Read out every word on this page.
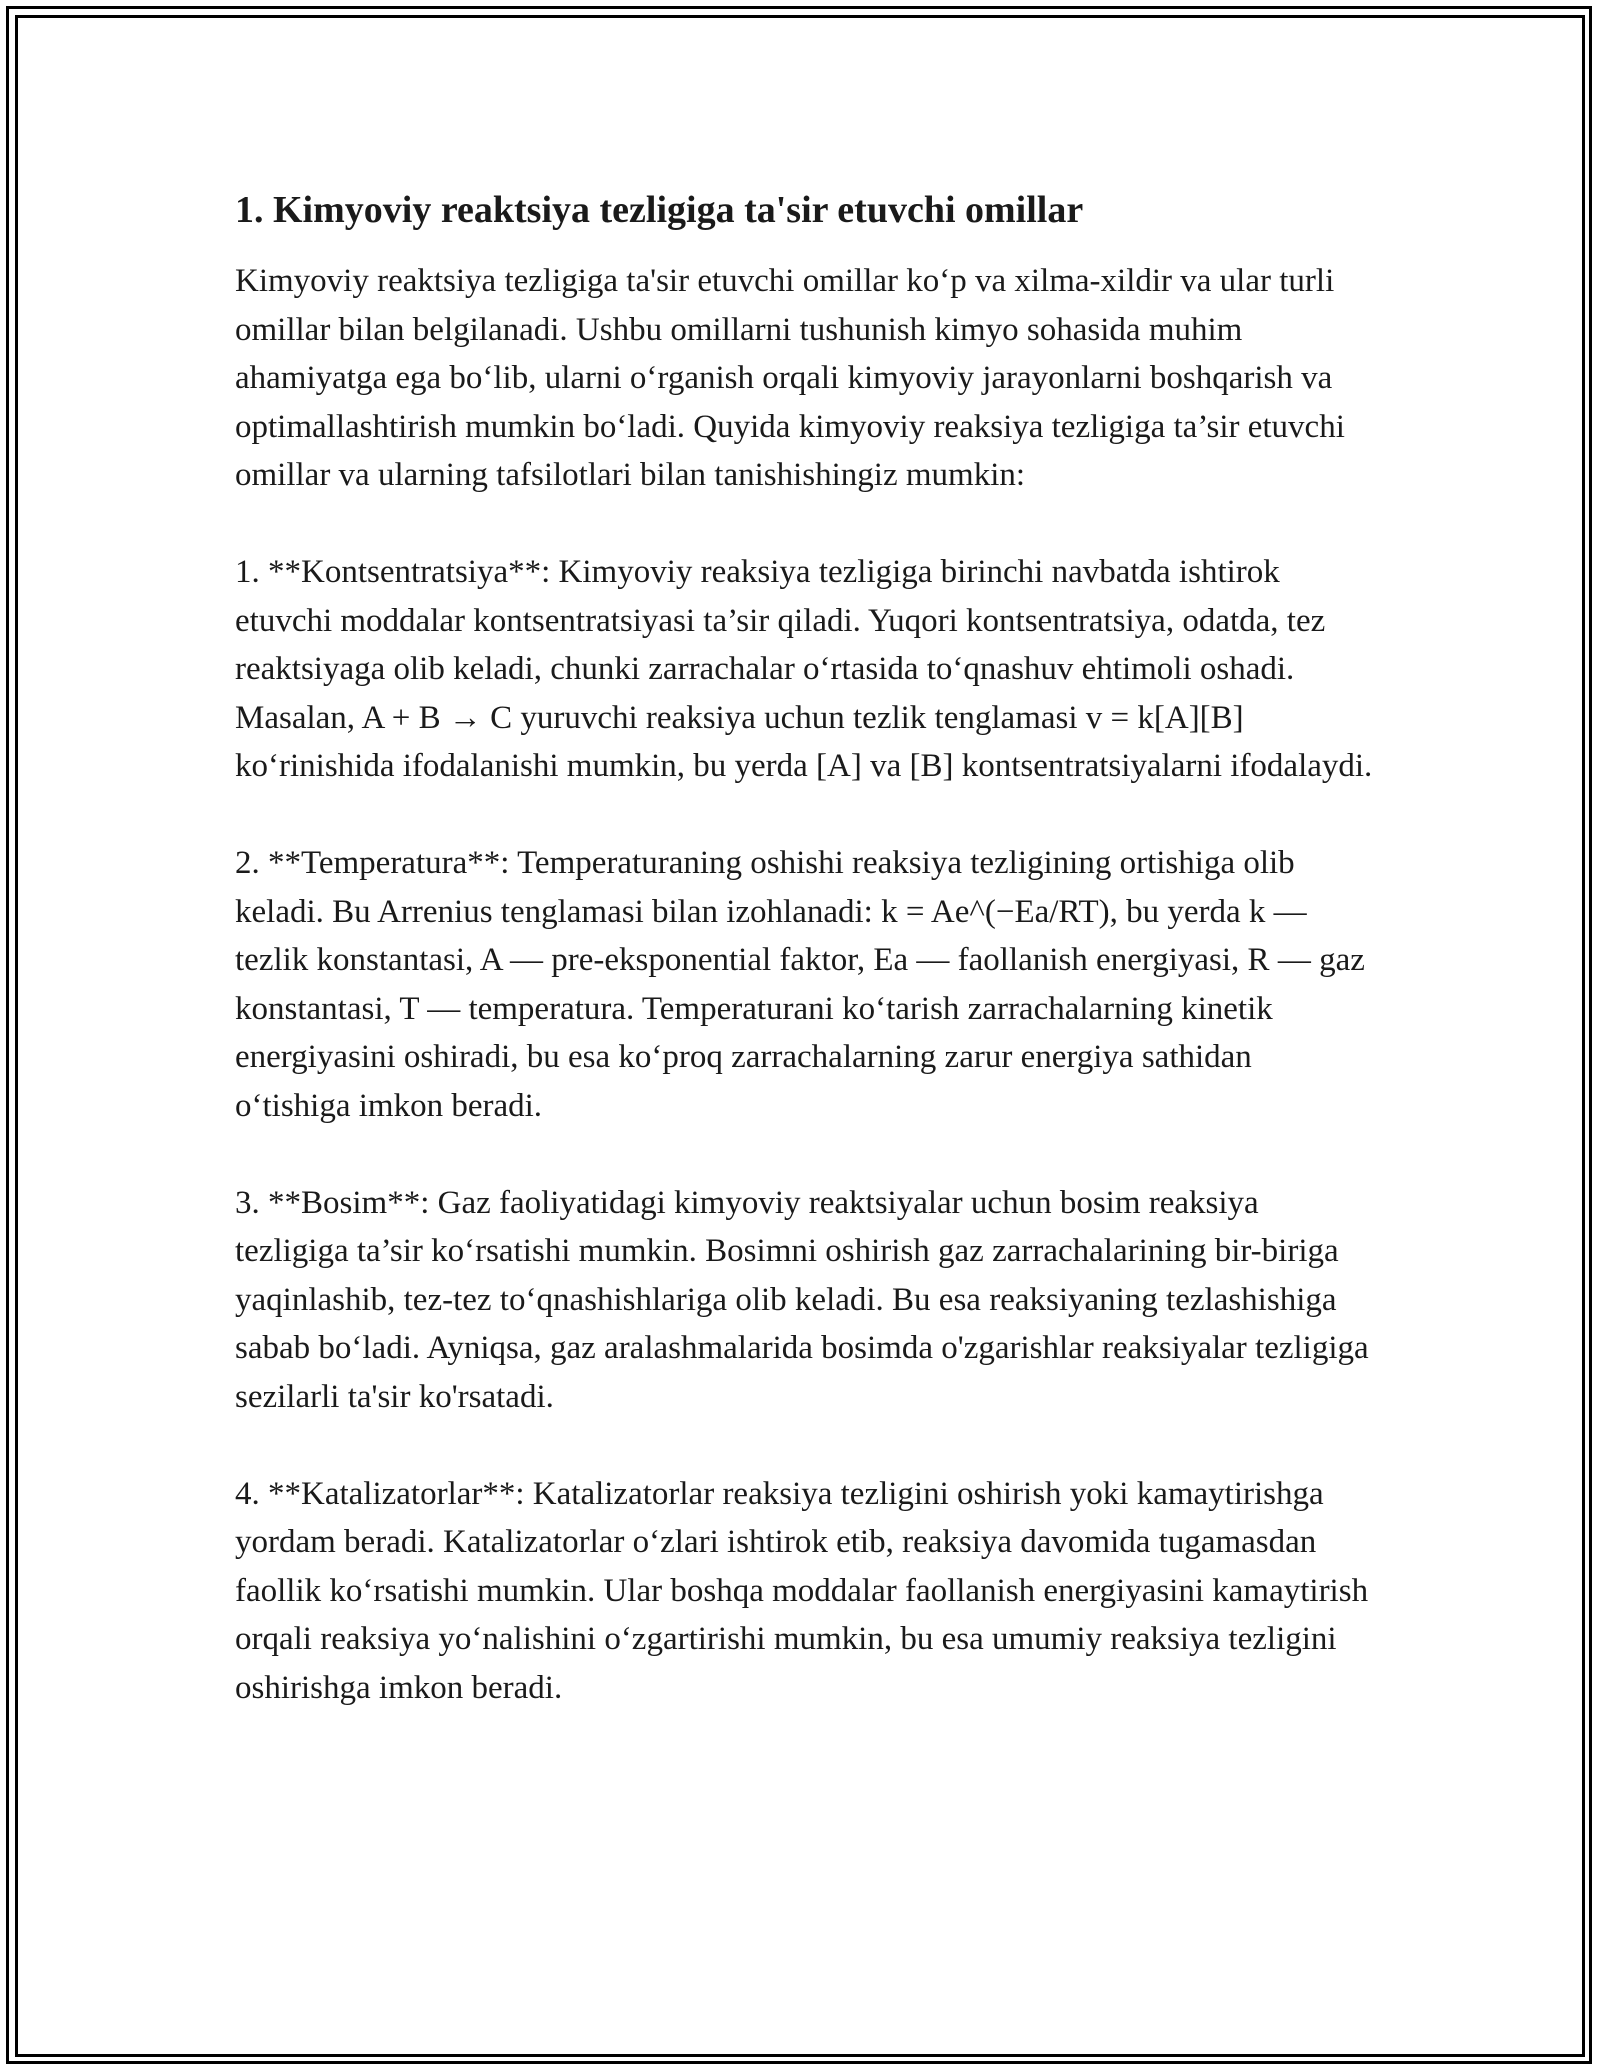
1. Kimyoviy reaktsiya tezligiga ta'sir etuvchi omillar

Kimyoviy reaktsiya tezligiga ta'sir etuvchi omillar ko‘p va xilma-xildir va ular turli omillar bilan belgilanadi. Ushbu omillarni tushunish kimyo sohasida muhim ahamiyatga ega bo‘lib, ularni o‘rganish orqali kimyoviy jarayonlarni boshqarish va optimallashtirish mumkin bo‘ladi. Quyida kimyoviy reaksiya tezligiga ta’sir etuvchi omillar va ularning tafsilotlari bilan tanishishingiz mumkin:

1. **Kontsentratsiya**: Kimyoviy reaksiya tezligiga birinchi navbatda ishtirok etuvchi moddalar kontsentratsiyasi ta’sir qiladi. Yuqori kontsentratsiya, odatda, tez reaktsiyaga olib keladi, chunki zarrachalar o‘rtasida to‘qnashuv ehtimoli oshadi. Masalan, A + B → C yuruvchi reaksiya uchun tezlik tenglamasi v = k[A][B] ko‘rinishida ifodalanishi mumkin, bu yerda [A] va [B] kontsentratsiyalarni ifodalaydi.

2. **Temperatura**: Temperaturaning oshishi reaksiya tezligining ortishiga olib keladi. Bu Arrenius tenglamasi bilan izohlanadi: k = Ae^(−Ea/RT), bu yerda k — tezlik konstantasi, A — pre-eksponential faktor, Ea — faollanish energiyasi, R — gaz konstantasi, T — temperatura. Temperaturani ko‘tarish zarrachalarning kinetik energiyasini oshiradi, bu esa ko‘proq zarrachalarning zarur energiya sathidan o‘tishiga imkon beradi.

3. **Bosim**: Gaz faoliyatidagi kimyoviy reaktsiyalar uchun bosim reaksiya tezligiga ta’sir ko‘rsatishi mumkin. Bosimni oshirish gaz zarrachalarining bir-biriga yaqinlashib, tez-tez to‘qnashishlariga olib keladi. Bu esa reaksiyaning tezlashishiga sabab bo‘ladi. Ayniqsa, gaz aralashmalarida bosimda o'zgarishlar reaksiyalar tezligiga sezilarli ta'sir ko'rsatadi.

4. **Katalizatorlar**: Katalizatorlar reaksiya tezligini oshirish yoki kamaytirishga yordam beradi. Katalizatorlar o‘zlari ishtirok etib, reaksiya davomida tugamasdan faollik ko‘rsatishi mumkin. Ular boshqa moddalar faollanish energiyasini kamaytirish orqali reaksiya yo‘nalishini o‘zgartirishi mumkin, bu esa umumiy reaksiya tezligini oshirishga imkon beradi.
